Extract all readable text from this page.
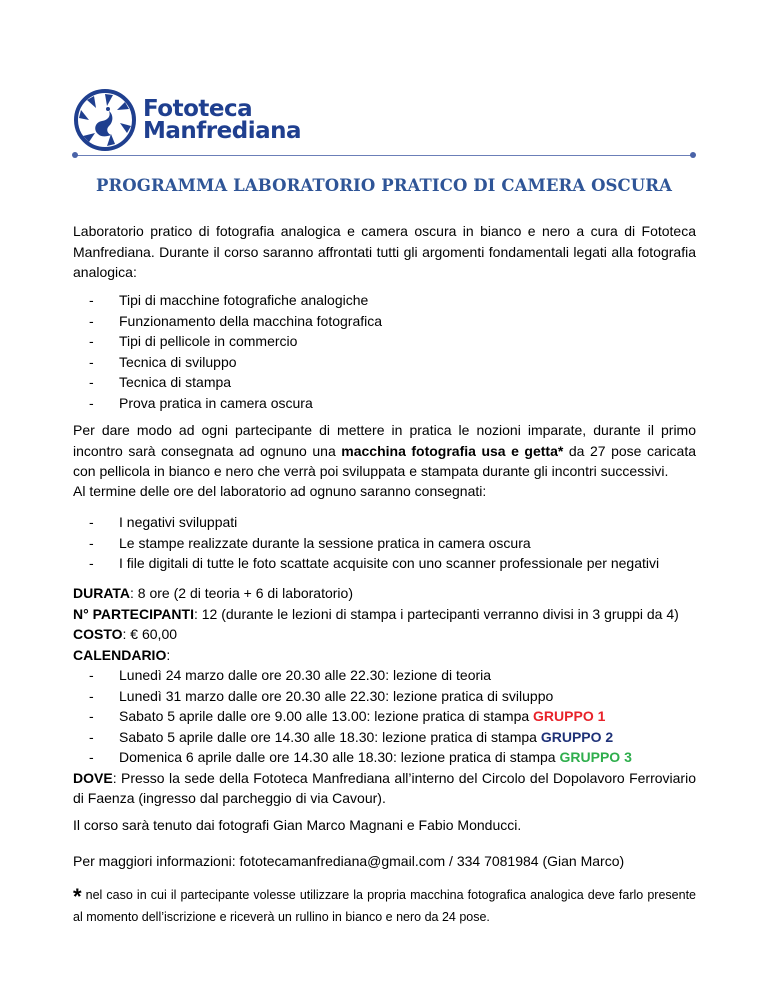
Fototeca
Manfrediana
PROGRAMMA LABORATORIO PRATICO DI CAMERA OSCURA
Laboratorio pratico di fotografia analogica e camera oscura in bianco e nero a cura di Fototeca Manfrediana. Durante il corso saranno affrontati tutti gli argomenti fondamentali legati alla fotografia analogica:
- Tipi di macchine fotografiche analogiche
- Funzionamento della macchina fotografica
- Tipi di pellicole in commercio
- Tecnica di sviluppo
- Tecnica di stampa
- Prova pratica in camera oscura
Per dare modo ad ogni partecipante di mettere in pratica le nozioni imparate, durante il primo incontro sarà consegnata ad ognuno una macchina fotografia usa e getta* da 27 pose caricata con pellicola in bianco e nero che verrà poi sviluppata e stampata durante gli incontri successivi.
Al termine delle ore del laboratorio ad ognuno saranno consegnati:
- I negativi sviluppati
- Le stampe realizzate durante la sessione pratica in camera oscura
- I file digitali di tutte le foto scattate acquisite con uno scanner professionale per negativi
DURATA: 8 ore (2 di teoria + 6 di laboratorio)
N° PARTECIPANTI: 12 (durante le lezioni di stampa i partecipanti verranno divisi in 3 gruppi da 4)
COSTO: € 60,00
CALENDARIO:
- Lunedì 24 marzo dalle ore 20.30 alle 22.30: lezione di teoria
- Lunedì 31 marzo dalle ore 20.30 alle 22.30: lezione pratica di sviluppo
- Sabato 5 aprile dalle ore 9.00 alle 13.00: lezione pratica di stampa GRUPPO 1
- Sabato 5 aprile dalle ore 14.30 alle 18.30: lezione pratica di stampa GRUPPO 2
- Domenica 6 aprile dalle ore 14.30 alle 18.30: lezione pratica di stampa GRUPPO 3
DOVE: Presso la sede della Fototeca Manfrediana all’interno del Circolo del Dopolavoro Ferroviario di Faenza (ingresso dal parcheggio di via Cavour).
Il corso sarà tenuto dai fotografi Gian Marco Magnani e Fabio Monducci.
Per maggiori informazioni: fototecamanfrediana@gmail.com / 334 7081984 (Gian Marco)
* nel caso in cui il partecipante volesse utilizzare la propria macchina fotografica analogica deve farlo presente al momento dell’iscrizione e riceverà un rullino in bianco e nero da 24 pose.
